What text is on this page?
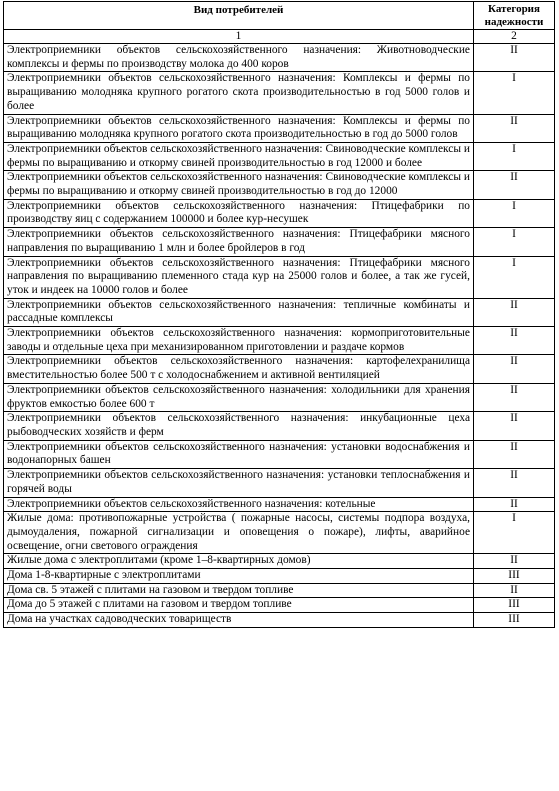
Вид потребителей	Категория надежности
1	2
Электроприемники объектов сельскохозяйственного назначения: Животноводческие комплексы и фермы по производству молока до 400 коров	II
Электроприемники объектов сельскохозяйственного назначения: Комплексы и фермы по выращиванию молодняка крупного рогатого скота производительностью в год 5000 голов и более	I
Электроприемники объектов сельскохозяйственного назначения: Комплексы и фермы по выращиванию молодняка крупного рогатого скота производительностью в год до 5000 голов	II
Электроприемники объектов сельскохозяйственного назначения: Свиноводческие комплексы и фермы по выращиванию и откорму свиней производительностью в год 12000 и более	I
Электроприемники объектов сельскохозяйственного назначения: Свиноводческие комплексы и фермы по выращиванию и откорму свиней производительностью в год до 12000	II
Электроприемники объектов сельскохозяйственного назначения: Птицефабрики по производству яиц с содержанием 100000 и более кур-несушек	I
Электроприемники объектов сельскохозяйственного назначения: Птицефабрики мясного направления по выращиванию 1 млн и более бройлеров в год	I
Электроприемники объектов сельскохозяйственного назначения: Птицефабрики мясного направления по выращиванию племенного стада кур на 25000 голов и более, а так же гусей, уток и индеек на 10000 голов и более	I
Электроприемники объектов сельскохозяйственного назначения: тепличные комбинаты и рассадные комплексы	II
Электроприемники объектов сельскохозяйственного назначения: кормоприготовительные заводы и отдельные цеха при механизированном приготовлении и раздаче кормов	II
Электроприемники объектов сельскохозяйственного назначения: картофелехранилища вместительностью более 500 т с холодоснабжением и активной вентиляцией	II
Электроприемники объектов сельскохозяйственного назначения: холодильники для хранения фруктов емкостью более 600 т	II
Электроприемники объектов сельскохозяйственного назначения: инкубационные цеха рыбоводческих хозяйств и ферм	II
Электроприемники объектов сельскохозяйственного назначения: установки водоснабжения и водонапорных башен	II
Электроприемники объектов сельскохозяйственного назначения: установки теплоснабжения и горячей воды	II
Электроприемники объектов сельскохозяйственного назначения: котельные	II
Жилые дома: противопожарные устройства ( пожарные насосы, системы подпора воздуха, дымоудаления, пожарной сигнализации и оповещения о пожаре), лифты, аварийное освещение, огни светового ограждения	I
Жилые дома с электроплитами (кроме 1–8-квартирных домов)	II
Дома 1-8-квартирные с электроплитами	III
Дома св. 5 этажей с плитами на газовом и твердом топливе	II
Дома до 5 этажей с плитами на газовом и твердом топливе	III
Дома на участках садоводческих товариществ	III
